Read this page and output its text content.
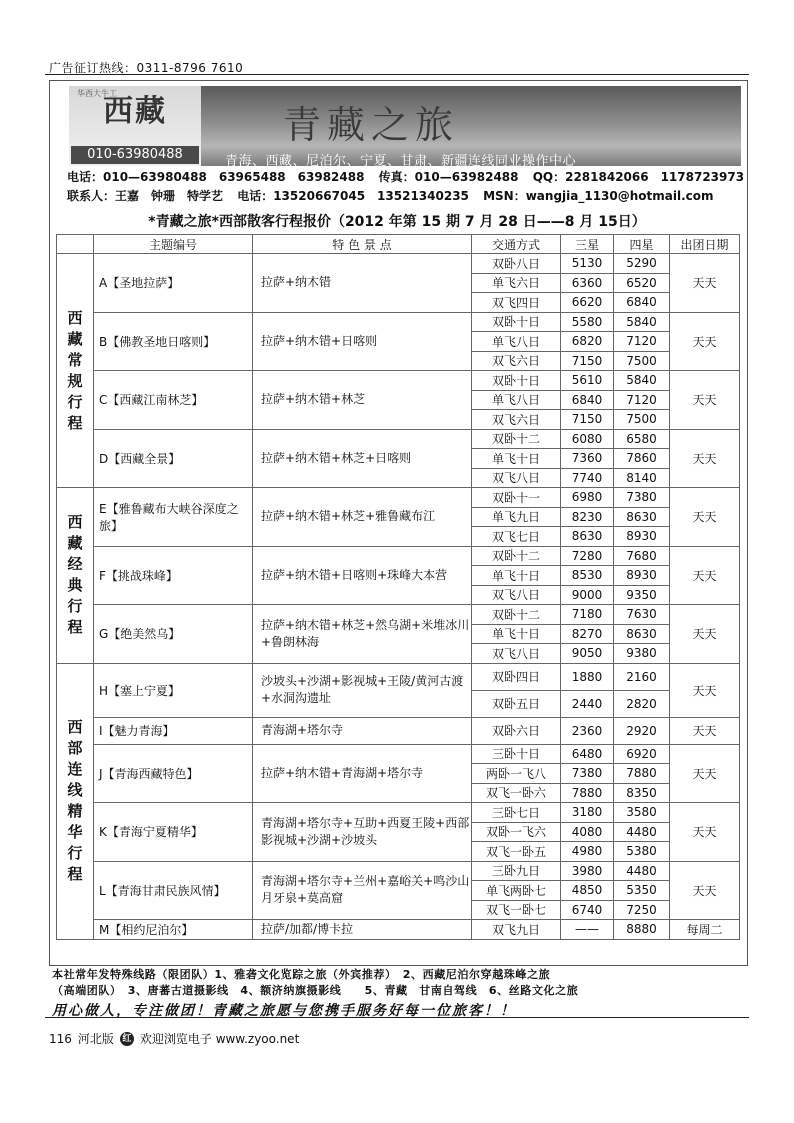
广告征订热线：0311-8796 7610
华西大牛工
西藏
010-63980488
青藏之旅
青海、西藏、尼泊尔、宁夏、甘肃、新疆连线同业操作中心
电话：010—63980488　63965488　63982488 传真：010—63982488 QQ：2281842066　1178723973
联系人：王嘉　钟珊　特学艺 电话：13520667045　13521340235 MSN：wangjia_1130@hotmail.com
*青藏之旅*西部散客行程报价（2012 年第 15 期 7 月 28 日——8 月 15日）
	主题编号	特 色 景 点	交通方式	三星	四星	出团日期
西藏常规行程	A【圣地拉萨】	拉萨+纳木错	双卧八日	5130	5290	天天
			单飞六日	6360	6520	
			双飞四日	6620	6840	
	B【佛教圣地日喀则】	拉萨+纳木错+日喀则	双卧十日	5580	5840	天天
			单飞八日	6820	7120	
			双飞六日	7150	7500	
	C【西藏江南林芝】	拉萨+纳木错+林芝	双卧十日	5610	5840	天天
			单飞八日	6840	7120	
			双飞六日	7150	7500	
	D【西藏全景】	拉萨+纳木错+林芝+日喀则	双卧十二	6080	6580	天天
			单飞十日	7360	7860	
			双飞八日	7740	8140	
西藏经典行程	E【雅鲁藏布大峡谷深度之旅】	拉萨+纳木错+林芝+雅鲁藏布江	双卧十一	6980	7380	天天
			单飞九日	8230	8630	
			双飞七日	8630	8930	
	F【挑战珠峰】	拉萨+纳木错+日喀则+珠峰大本营	双卧十二	7280	7680	天天
			单飞十日	8530	8930	
			双飞八日	9000	9350	
	G【绝美然乌】	拉萨+纳木错+林芝+然乌湖+米堆冰川+鲁朗林海	双卧十二	7180	7630	天天
			单飞十日	8270	8630	
			双飞八日	9050	9380	
西部连线精华行程	H【塞上宁夏】	沙坡头+沙湖+影视城+王陵/黄河古渡+水洞沟遗址	双卧四日	1880	2160	天天
			双卧五日	2440	2820	
	I【魅力青海】	青海湖+塔尔寺	双卧六日	2360	2920	天天
	J【青海西藏特色】	拉萨+纳木错+青海湖+塔尔寺	三卧十日	6480	6920	天天
			两卧一飞八	7380	7880	
			双飞一卧六	7880	8350	
	K【青海宁夏精华】	青海湖+塔尔寺+互助+西夏王陵+西部影视城+沙湖+沙坡头	三卧七日	3180	3580	天天
			双卧一飞六	4080	4480	
			双飞一卧五	4980	5380	
	L【青海甘肃民族风情】	青海湖+塔尔寺+兰州+嘉峪关+鸣沙山月牙泉+莫高窟	三卧九日	3980	4480	天天
			单飞两卧七	4850	5350	
			双飞一卧七	6740	7250	
	M【相约尼泊尔】	拉萨/加都/博卡拉	双飞九日	——	8880	每周二
本社常年发特殊线路（限团队）1、雅砻文化览踪之旅（外宾推荐）　2、西藏尼泊尔穿越珠峰之旅
（高端团队）　3、唐蕃古道摄影线　4、额济纳旗摄影线　　5、青藏　甘南自驾线　6、丝路文化之旅
用心做人，专注做团！青藏之旅愿与您携手服务好每一位旅客！！
116 河北版 红 欢迎浏览电子 www.zyoo.net
